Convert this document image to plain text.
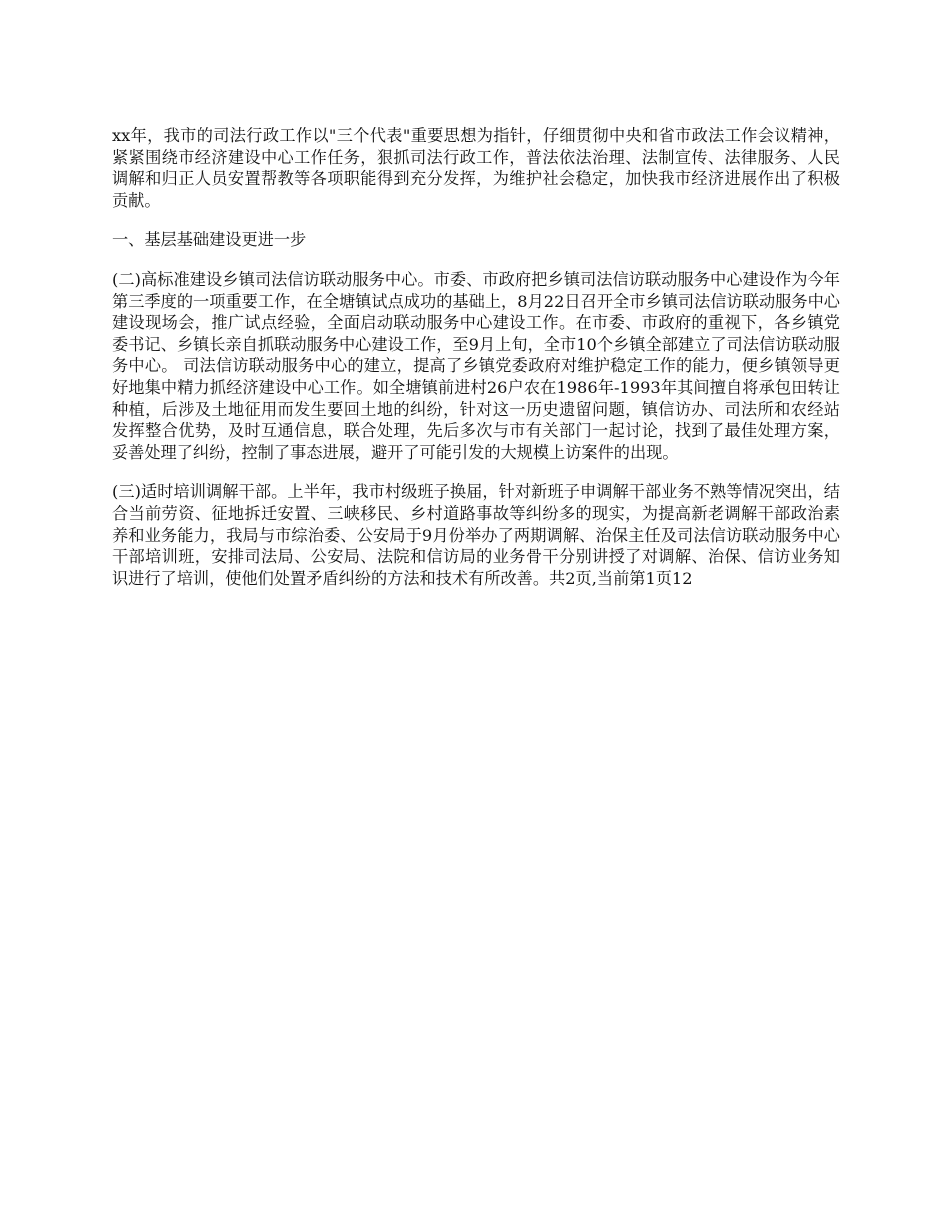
xx年，我市的司法行政工作以"三个代表"重要思想为指针，仔细贯彻中央和省市政法工作会议精神，紧紧围绕市经济建设中心工作任务，狠抓司法行政工作，普法依法治理、法制宣传、法律服务、人民调解和归正人员安置帮教等各项职能得到充分发挥，为维护社会稳定，加快我市经济进展作出了积极贡献。

一、基层基础建设更进一步

(二)高标准建设乡镇司法信访联动服务中心。市委、市政府把乡镇司法信访联动服务中心建设作为今年第三季度的一项重要工作，在全塘镇试点成功的基础上，8月22日召开全市乡镇司法信访联动服务中心建设现场会，推广试点经验，全面启动联动服务中心建设工作。在市委、市政府的重视下，各乡镇党委书记、乡镇长亲自抓联动服务中心建设工作，至9月上旬，全市10个乡镇全部建立了司法信访联动服务中心。 司法信访联动服务中心的建立，提高了乡镇党委政府对维护稳定工作的能力，便乡镇领导更好地集中精力抓经济建设中心工作。如全塘镇前进村26户农在1986年-1993年其间擅自将承包田转让种植，后涉及土地征用而发生要回土地的纠纷，针对这一历史遗留问题，镇信访办、司法所和农经站发挥整合优势，及时互通信息，联合处理，先后多次与市有关部门一起讨论，找到了最佳处理方案，妥善处理了纠纷，控制了事态进展，避开了可能引发的大规模上访案件的出现。

(三)适时培训调解干部。上半年，我市村级班子换届，针对新班子申调解干部业务不熟等情况突出，结合当前劳资、征地拆迁安置、三峡移民、乡村道路事故等纠纷多的现实，为提高新老调解干部政治素养和业务能力，我局与市综治委、公安局于9月份举办了两期调解、治保主任及司法信访联动服务中心干部培训班，安排司法局、公安局、法院和信访局的业务骨干分别讲授了对调解、治保、信访业务知识进行了培训，使他们处置矛盾纠纷的方法和技术有所改善。共2页,当前第1页12
